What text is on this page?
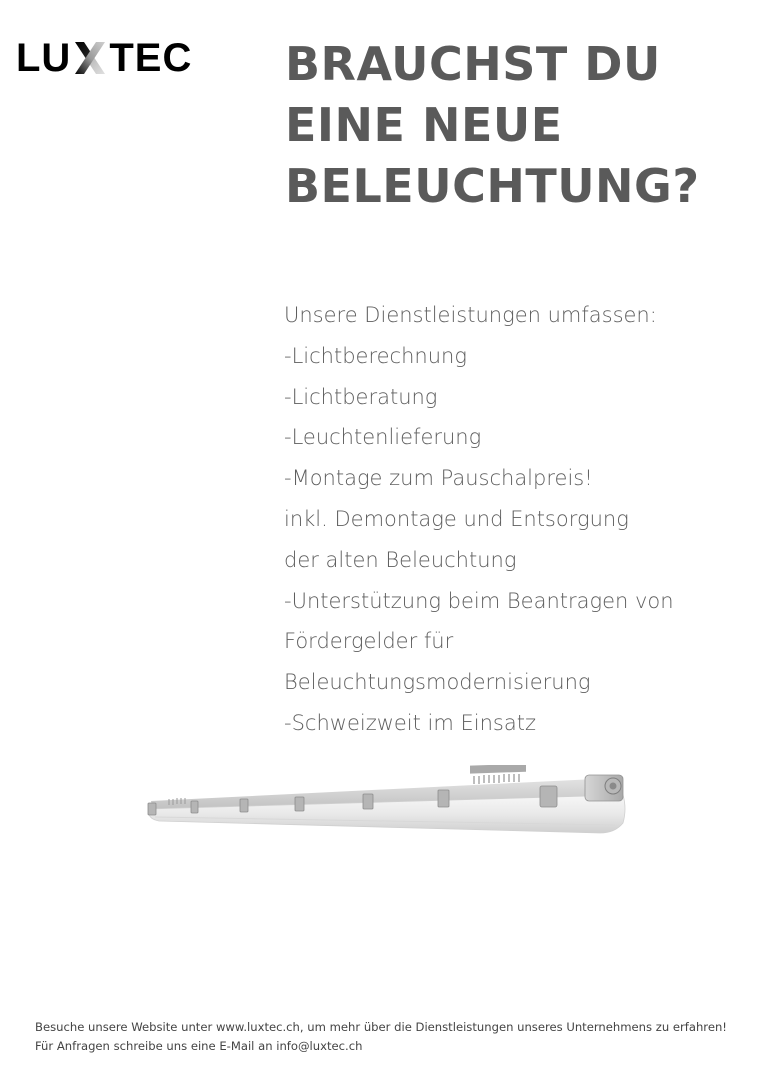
LU TEC BRAUCHST DU
EINE NEUE
BELEUCHTUNG?
Unsere Dienstleistungen umfassen:
-Lichtberechnung
-Lichtberatung
-Leuchtenlieferung
-Montage zum Pauschalpreis!
inkl. Demontage und Entsorgung
der alten Beleuchtung
-Unterstützung beim Beantragen von
Fördergelder für
Beleuchtungsmodernisierung
-Schweizweit im Einsatz

Besuche unsere Website unter www.luxtec.ch, um mehr über die Dienstleistungen unseres Unternehmens zu erfahren!

Für Anfragen schreibe uns eine E-Mail an info@luxtec.ch
